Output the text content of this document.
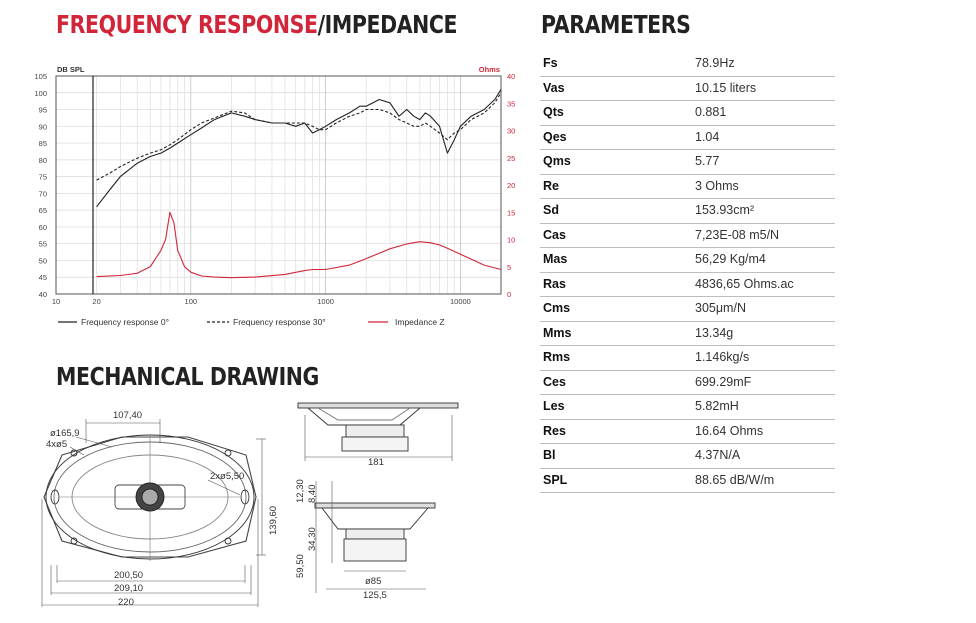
FREQUENCY RESPONSE/IMPEDANCE	PARAMETERS
MECHANICAL DRAWING
105
100
95
90
85
80
75
70
65
60
55
50
45
40
40
35
30
25
20
15
10
5
0
10	20	100	1000	10000
DB SPL	Ohms
Frequency response 0°	Frequency response 30°	Impedance Z
Fs	78.9Hz
Vas	10.15 liters
Qts	0.881
Qes	1.04
Qms	5.77
Re	3 Ohms
Sd	153.93cm²
Cas	7,23E-08 m5/N
Mas	56,29 Kg/m4
Ras	4836,65 Ohms.ac
Cms	305μm/N
Mms	13.34g
Rms	1.146kg/s
Ces	699.29mF
Les	5.82mH
Res	16.64 Ohms
Bl	4.37N/A
SPL	88.65 dB/W/m
107,40
ø165,9
4xø5
2xø5,50
139,60
200,50
209,10
220
181
12,30 8,40
59,50
34,30
ø85
125,5
